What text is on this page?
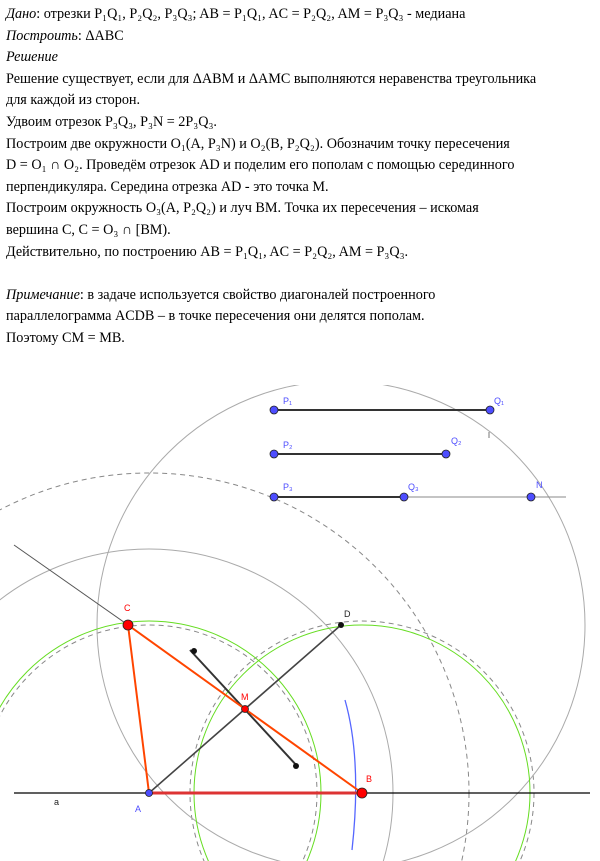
Дано: отрезки P₁Q₁, P₂Q₂, P₃Q₃; AB = P₁Q₁, AC = P₂Q₂, AM = P₃Q₃ - медиана
Построить: ΔABC
Решение
Решение существует, если для ΔABM и ΔAMC выполняются неравенства треугольника
для каждой из сторон.
Удвоим отрезок P₃Q₃, P₃N = 2P₃Q₃.
Построим две окружности O₁(A, P₃N) и O₂(B, P₂Q₂). Обозначим точку пересечения
D = O₁ ∩ O₂. Проведём отрезок AD и поделим его пополам с помощью серединного
перпендикуляра. Середина отрезка AD - это точка M.
Построим окружность O₃(A, P₂Q₂) и луч BM. Точка их пересечения – искомая
вершина C, C = O₃ ∩ [BM).
Действительно, по построению AB = P₁Q₁, AC = P₂Q₂, AM = P₃Q₃.
Примечание: в задаче используется свойство диагоналей построенного
параллелограмма ACDB – в точке пересечения они делятся пополам.
Поэтому CM = MB.
P₁	Q₁
P₂	Q₂
P₃	Q₃	N
C
D
M
B
A
a
